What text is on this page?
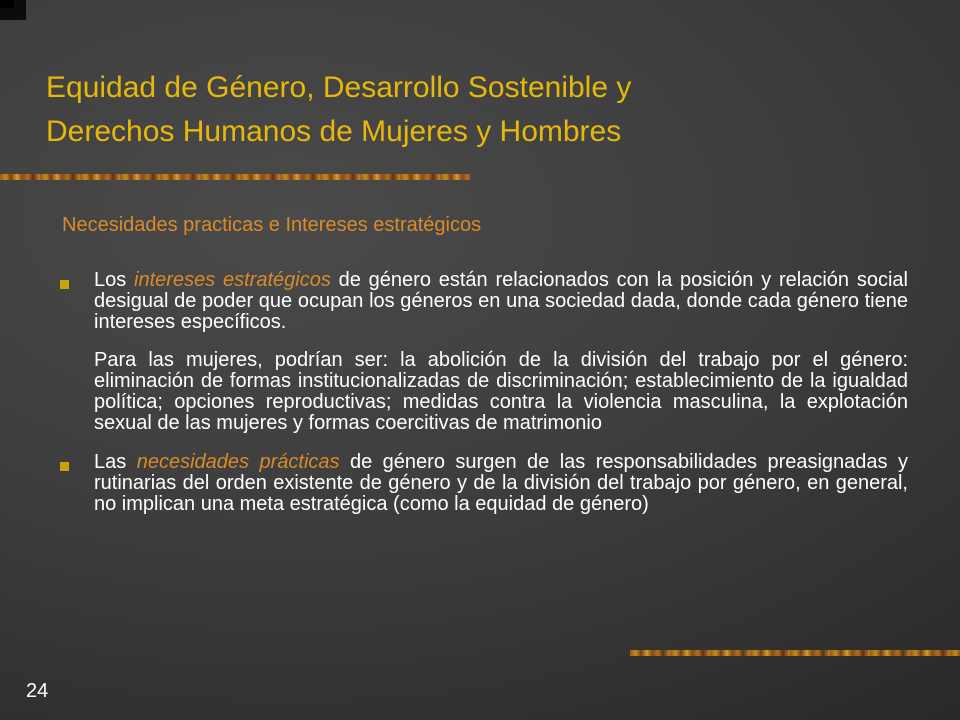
Equidad de Género, Desarrollo Sostenible y
Derechos Humanos de Mujeres y Hombres

Necesidades practicas e Intereses estratégicos

Los intereses estratégicos de género están relacionados con la posición y relación social desigual de poder que ocupan los géneros en una sociedad dada, donde cada género tiene intereses específicos.

Para las mujeres, podrían ser: la abolición de la división del trabajo por el género: eliminación de formas institucionalizadas de discriminación; establecimiento de la igualdad política; opciones reproductivas; medidas contra la violencia masculina, la explotación sexual de las mujeres y formas coercitivas de matrimonio

Las necesidades prácticas de género surgen de las responsabilidades preasignadas y rutinarias del orden existente de género y de la división del trabajo por género, en general, no implican una meta estratégica (como la equidad de género)

24
